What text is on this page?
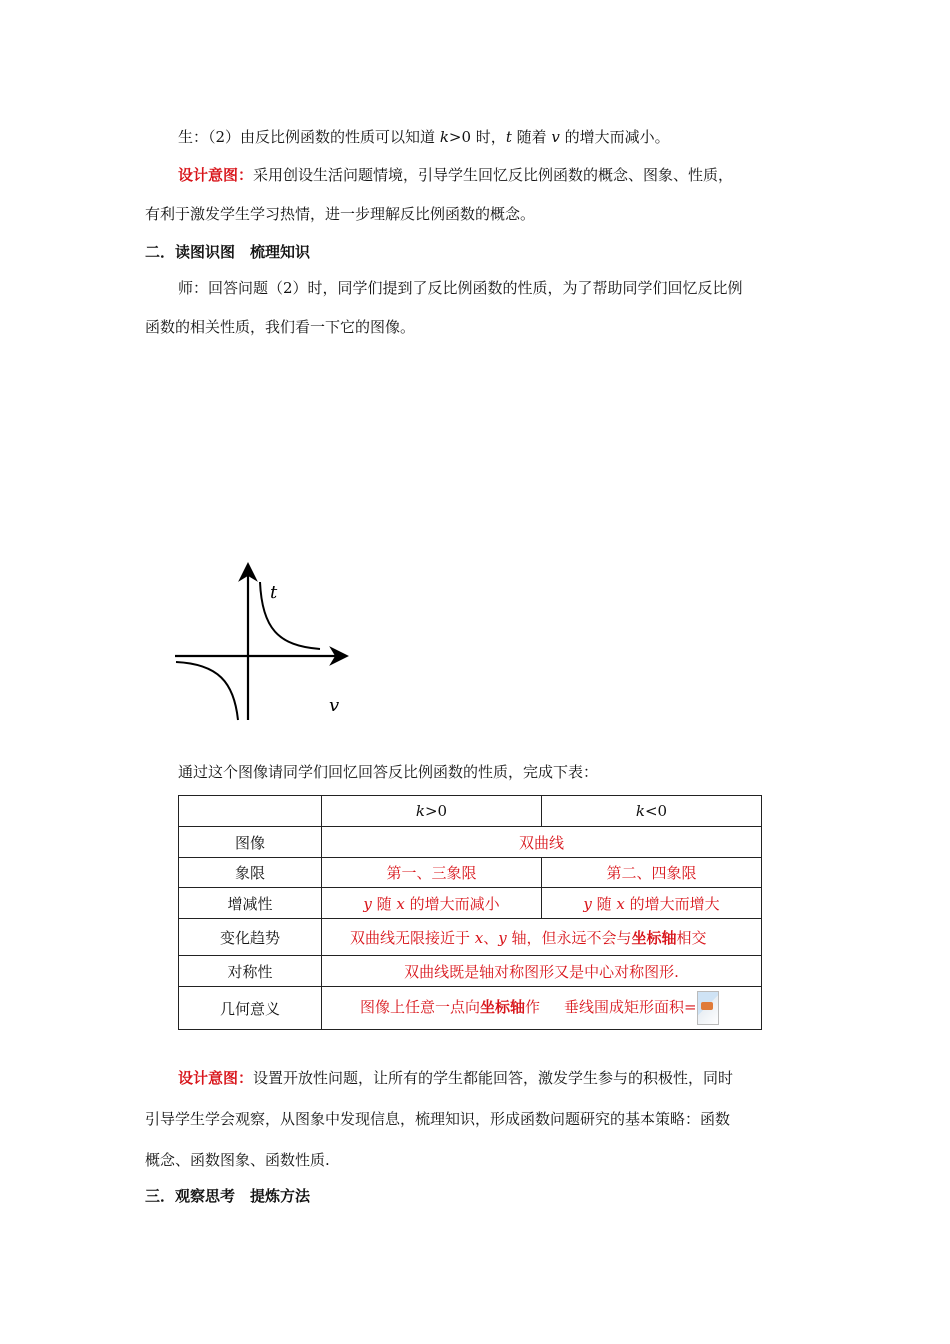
生：（2）由反比例函数的性质可以知道 k>0 时，t 随着 v 的增大而减小。
设计意图：采用创设生活问题情境，引导学生回忆反比例函数的概念、图象、性质，
有利于激发学生学习热情，进一步理解反比例函数的概念。
二．读图识图　梳理知识
师：回答问题（2）时，同学们提到了反比例函数的性质，为了帮助同学们回忆反比例
函数的相关性质，我们看一下它的图像。
t
v
通过这个图像请同学们回忆回答反比例函数的性质，完成下表：
	k>0	k<0
图像	双曲线	
象限	第一、三象限	第二、四象限
增减性	y 随 x 的增大而减小	y 随 x 的增大而增大
变化趋势	双曲线无限接近于 x、y 轴，但永远不会与坐标轴相交	
对称性	双曲线既是轴对称图形又是中心对称图形.	
几何意义	图像上任意一点向坐标轴作 垂线围成矩形面积=	
设计意图：设置开放性问题，让所有的学生都能回答，激发学生参与的积极性，同时
引导学生学会观察，从图象中发现信息，梳理知识，形成函数问题研究的基本策略：函数
概念、函数图象、函数性质.
三．观察思考　提炼方法
